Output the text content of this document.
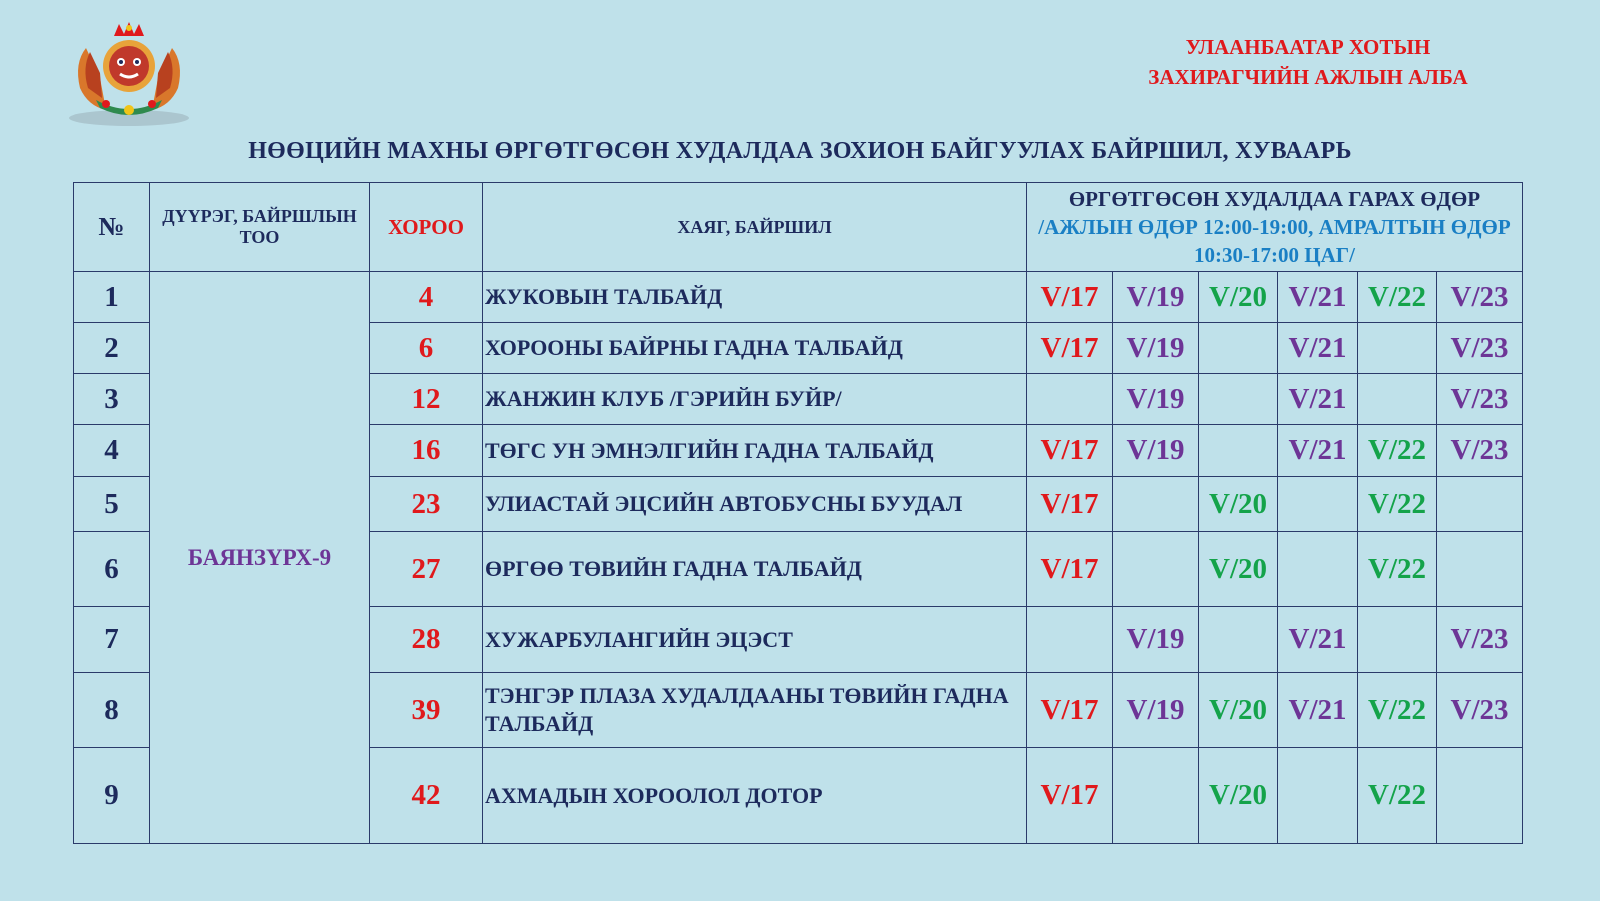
УЛААНБААТАР ХОТЫН
ЗАХИРАГЧИЙН АЖЛЫН АЛБА
НӨӨЦИЙН МАХНЫ ӨРГӨТГӨСӨН ХУДАЛДАА ЗОХИОН БАЙГУУЛАХ БАЙРШИЛ, ХУВААРЬ
№	ДҮҮРЭГ, БАЙРШЛЫН ТОО	ХОРОО	ХАЯГ, БАЙРШИЛ	ӨРГӨТГӨСӨН ХУДАЛДАА ГАРАХ ӨДӨР
/АЖЛЫН ӨДӨР 12:00-19:00, АМРАЛТЫН ӨДӨР 10:30-17:00 ЦАГ/					

1	БАЯНЗҮРХ-9	4	ЖУКОВЫН ТАЛБАЙД	V/17	V/19	V/20	V/21	V/22	V/23
2		6	ХОРООНЫ БАЙРНЫ ГАДНА ТАЛБАЙД	V/17	V/19		V/21		V/23
3		12	ЖАНЖИН КЛУБ /ГЭРИЙН БУЙР/		V/19		V/21		V/23
4		16	ТӨГС УН ЭМНЭЛГИЙН ГАДНА ТАЛБАЙД	V/17	V/19		V/21	V/22	V/23
5		23	УЛИАСТАЙ ЭЦСИЙН АВТОБУСНЫ БУУДАЛ	V/17		V/20		V/22	
6		27	ӨРГӨӨ ТӨВИЙН ГАДНА ТАЛБАЙД	V/17		V/20		V/22	
7		28	ХУЖАРБУЛАНГИЙН ЭЦЭСТ		V/19		V/21		V/23
8		39	ТЭНГЭР ПЛАЗА ХУДАЛДААНЫ ТӨВИЙН ГАДНА ТАЛБАЙД	V/17	V/19	V/20	V/21	V/22	V/23
9		42	АХМАДЫН ХОРООЛОЛ ДОТОР	V/17		V/20		V/22	
